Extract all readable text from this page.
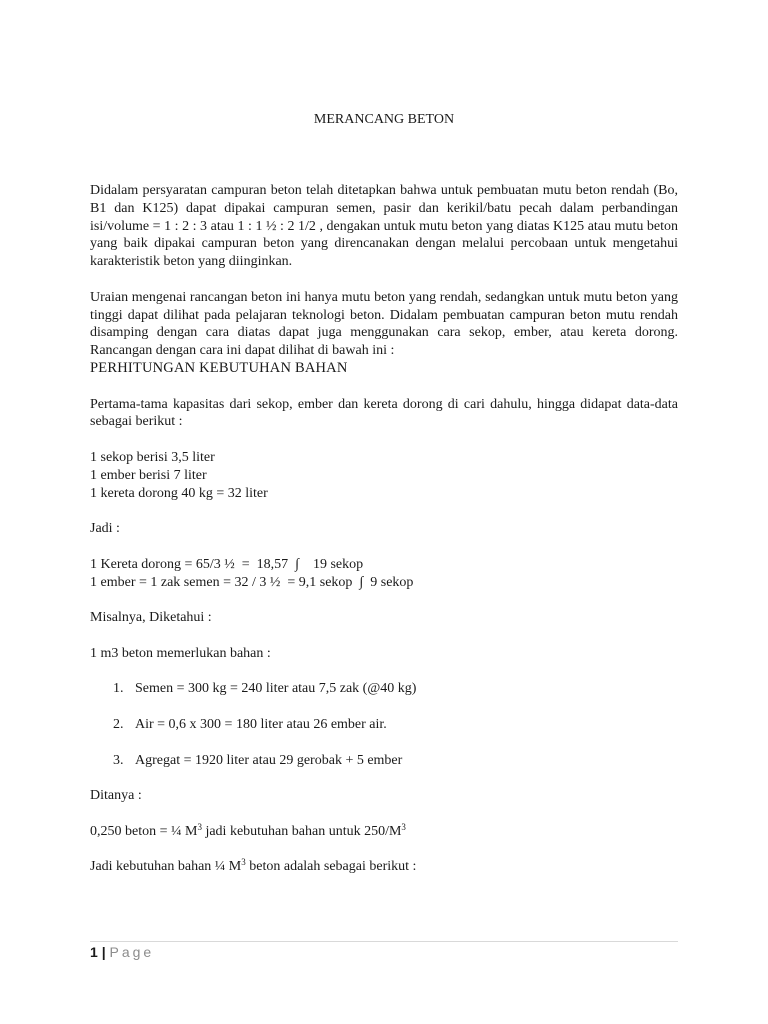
MERANCANG BETON

Didalam persyaratan campuran beton telah ditetapkan bahwa untuk pembuatan mutu beton rendah (Bo, B1 dan K125) dapat dipakai campuran semen, pasir dan kerikil/batu pecah dalam perbandingan isi/volume = 1 : 2 : 3 atau 1 : 1 ½ : 2 1/2 , dengakan untuk mutu beton yang diatas K125 atau mutu beton yang baik dipakai campuran beton yang direncanakan dengan melalui percobaan untuk mengetahui karakteristik beton yang diinginkan.

Uraian mengenai rancangan beton ini hanya mutu beton yang rendah, sedangkan untuk mutu beton yang tinggi dapat dilihat pada pelajaran teknologi beton. Didalam pembuatan campuran beton mutu rendah disamping dengan cara diatas dapat juga menggunakan cara sekop, ember, atau kereta dorong. Rancangan dengan cara ini dapat dilihat di bawah ini :

PERHITUNGAN KEBUTUHAN BAHAN

Pertama-tama kapasitas dari sekop, ember dan kereta dorong di cari dahulu, hingga didapat data-data sebagai berikut :

1 sekop berisi 3,5 liter
1 ember berisi 7 liter
1 kereta dorong 40 kg = 32 liter

Jadi :

1 Kereta dorong = 65/3 ½  =  18,57  ∫    19 sekop
1 ember = 1 zak semen = 32 / 3 ½  = 9,1 sekop  ∫  9 sekop

Misalnya, Diketahui :

1 m3 beton memerlukan bahan :

1. Semen = 300 kg = 240 liter atau 7,5 zak (@40 kg)
2. Air = 0,6 x 300 = 180 liter atau 26 ember air.
3. Agregat = 1920 liter atau 29 gerobak + 5 ember

Ditanya :

0,250 beton = ¼ $M^3$ jadi kebutuhan bahan untuk $250/M^3$

Jadi kebutuhan bahan ¼ $M^3$ beton adalah sebagai berikut :

1 | Page
